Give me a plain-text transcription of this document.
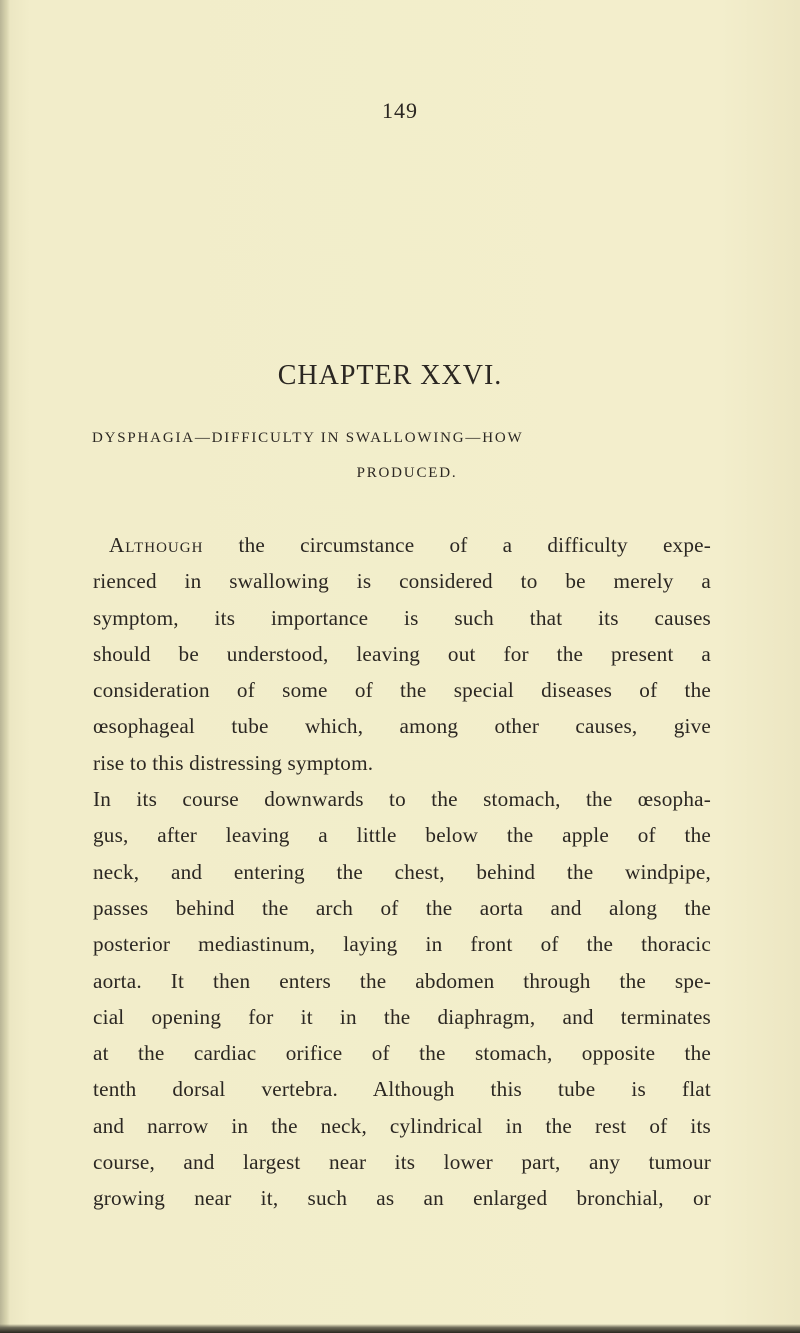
149
CHAPTER XXVI.
DYSPHAGIA—DIFFICULTY IN SWALLOWING—HOW
PRODUCED.
Although the circumstance of a difficulty expe-
rienced in swallowing is considered to be merely a
symptom, its importance is such that its causes
should be understood, leaving out for the present a
consideration of some of the special diseases of the
œsophageal tube which, among other causes, give
rise to this distressing symptom.
In its course downwards to the stomach, the œsopha-
gus, after leaving a little below the apple of the
neck, and entering the chest, behind the windpipe,
passes behind the arch of the aorta and along the
posterior mediastinum, laying in front of the thoracic
aorta. It then enters the abdomen through the spe-
cial opening for it in the diaphragm, and terminates
at the cardiac orifice of the stomach, opposite the
tenth dorsal vertebra. Although this tube is flat
and narrow in the neck, cylindrical in the rest of its
course, and largest near its lower part, any tumour
growing near it, such as an enlarged bronchial, or
